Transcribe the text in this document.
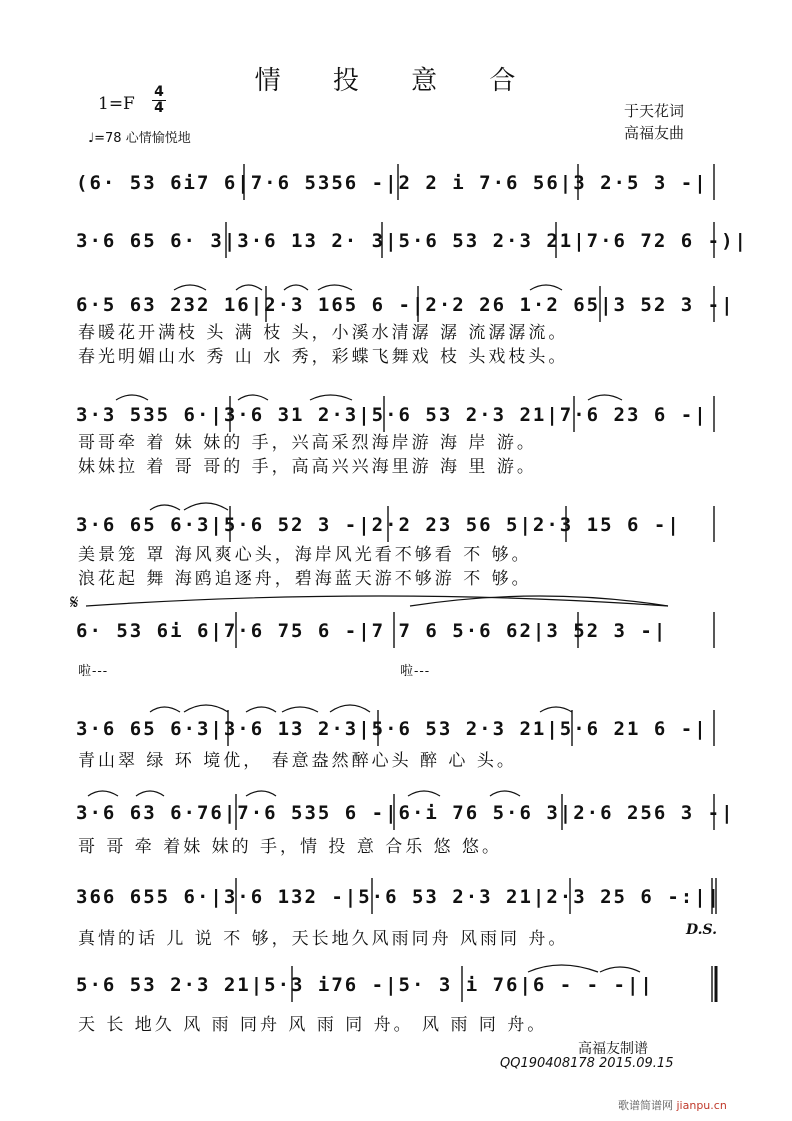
情 投 意 合
1=F
4
4
♩=78 心情愉悦地
于天花词
高福友曲
(6· 53 6i7 6|7·6 5356 -|2 2 i 7·6 56|3 2·5 3 -|
3·6 65 6· 3|3·6 13 2· 3|5·6 53 2·3 21|7·6 72 6 -)|
6·5 63 232 16|2·3 165 6 -|2·2 26 1·2 65|3 52 3 -|
春暖花开满枝 头 满 枝 头，小溪水清潺 潺 流潺潺流。
春光明媚山水 秀 山 水 秀，彩蝶飞舞戏 枝 头戏枝头。
3·3 535 6·|3·6 31 2·3|5·6 53 2·3 21|7·6 23 6 -|
哥哥牵 着 妹 妹的 手，兴高采烈海岸游 海 岸 游。
妹妹拉 着 哥 哥的 手，高高兴兴海里游 海 里 游。
3·6 65 6·3|5·6 52 3 -|2·2 23 56 5|2·3 15 6 -|
美景笼 罩 海风爽心头，海岸风光看不够看 不 够。
浪花起 舞 海鸥追逐舟，碧海蓝天游不够游 不 够。
𝄋
6· 53 6i 6|7·6 75 6 -|7 7 6 5·6 62|3 52 3 -|
啦---	啦---
3·6 65 6·3|3·6 13 2·3|5·6 53 2·3 21|5·6 21 6 -|
青山翠 绿 环 境优， 春意盎然醉心头 醉 心 头。
3·6 63 6·76|7·6 535 6 -|6·i 76 5·6 3|2·6 256 3 -|
哥 哥 牵 着妹 妹的 手，情 投 意 合乐 悠 悠。
366 655 6·|3·6 132 -|5·6 53 2·3 21|2·3 25 6 -:||
真情的话 儿 说 不 够，天长地久风雨同舟 风雨同 舟。	D.S.
5·6 53 2·3 21|5·3 i76 -|5· 3 i 76|6 - - -||
天 长 地久 风 雨 同舟 风 雨 同 舟。 风 雨 同 舟。
高福友制谱
QQ190408178 2015.09.15
歌谱简谱网 jianpu.cn
